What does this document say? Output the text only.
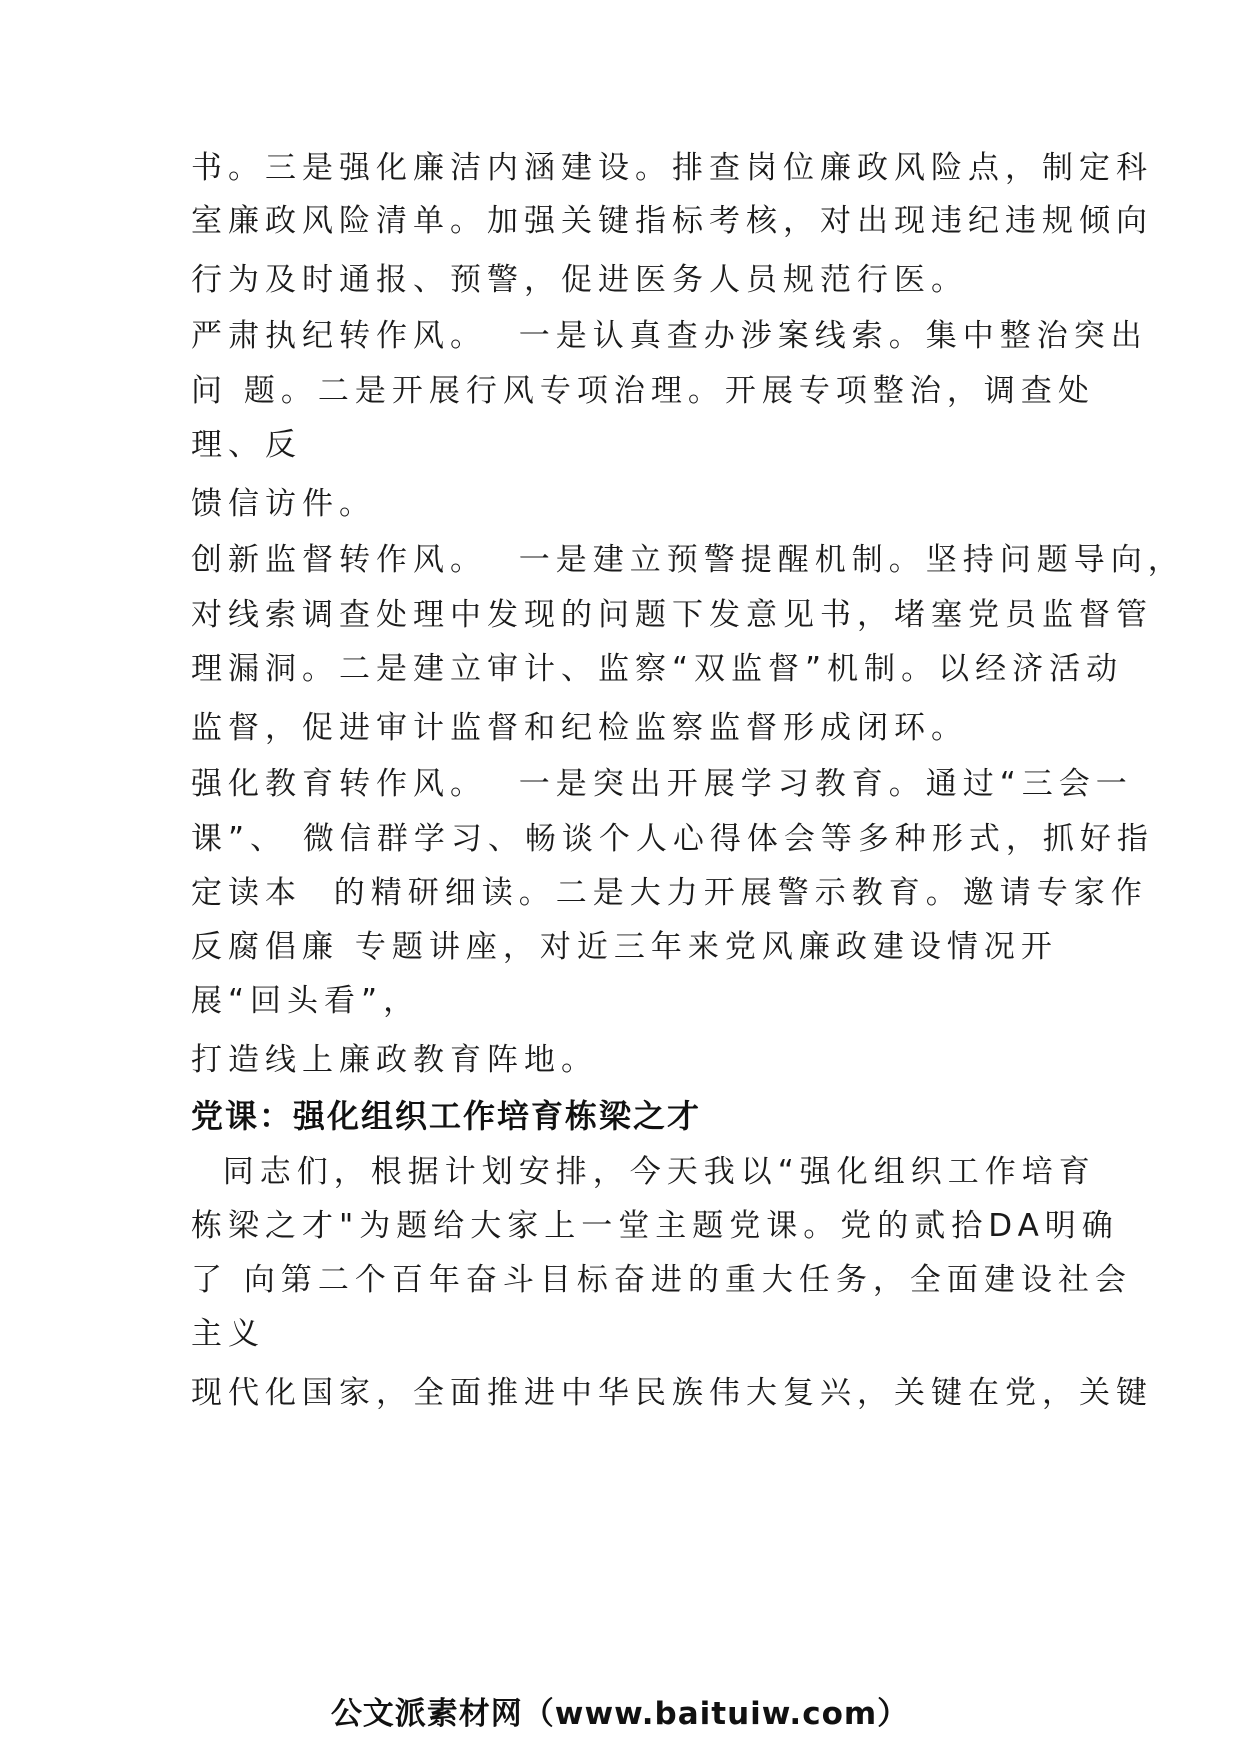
书。三是强化廉洁内涵建设。排查岗位廉政风险点，制定科
室廉政风险清单。加强关键指标考核，对出现违纪违规倾向
行为及时通报、预警，促进医务人员规范行医。
严肃执纪转作风。  一是认真查办涉案线索。集中整治突出
问 题。二是开展行风专项治理。开展专项整治，调查处
理、反
馈信访件。
创新监督转作风。  一是建立预警提醒机制。坚持问题导向，
对线索调查处理中发现的问题下发意见书，堵塞党员监督管
理漏洞。二是建立审计、监察“双监督”机制。以经济活动
监督，促进审计监督和纪检监察监督形成闭环。
强化教育转作风。  一是突出开展学习教育。通过“三会一
课”、 微信群学习、畅谈个人心得体会等多种形式，抓好指
定读本  的精研细读。二是大力开展警示教育。邀请专家作
反腐倡廉 专题讲座，对近三年来党风廉政建设情况开
展“回头看”，
打造线上廉政教育阵地。
党课：强化组织工作培育栋梁之才
同志们，根据计划安排，今天我以“强化组织工作培育
栋梁之才"为题给大家上一堂主题党课。党的贰拾DA明确
了 向第二个百年奋斗目标奋进的重大任务，全面建设社会
主义
现代化国家，全面推进中华民族伟大复兴，关键在党，关键
公文派素材网（www.baituiw.com）
